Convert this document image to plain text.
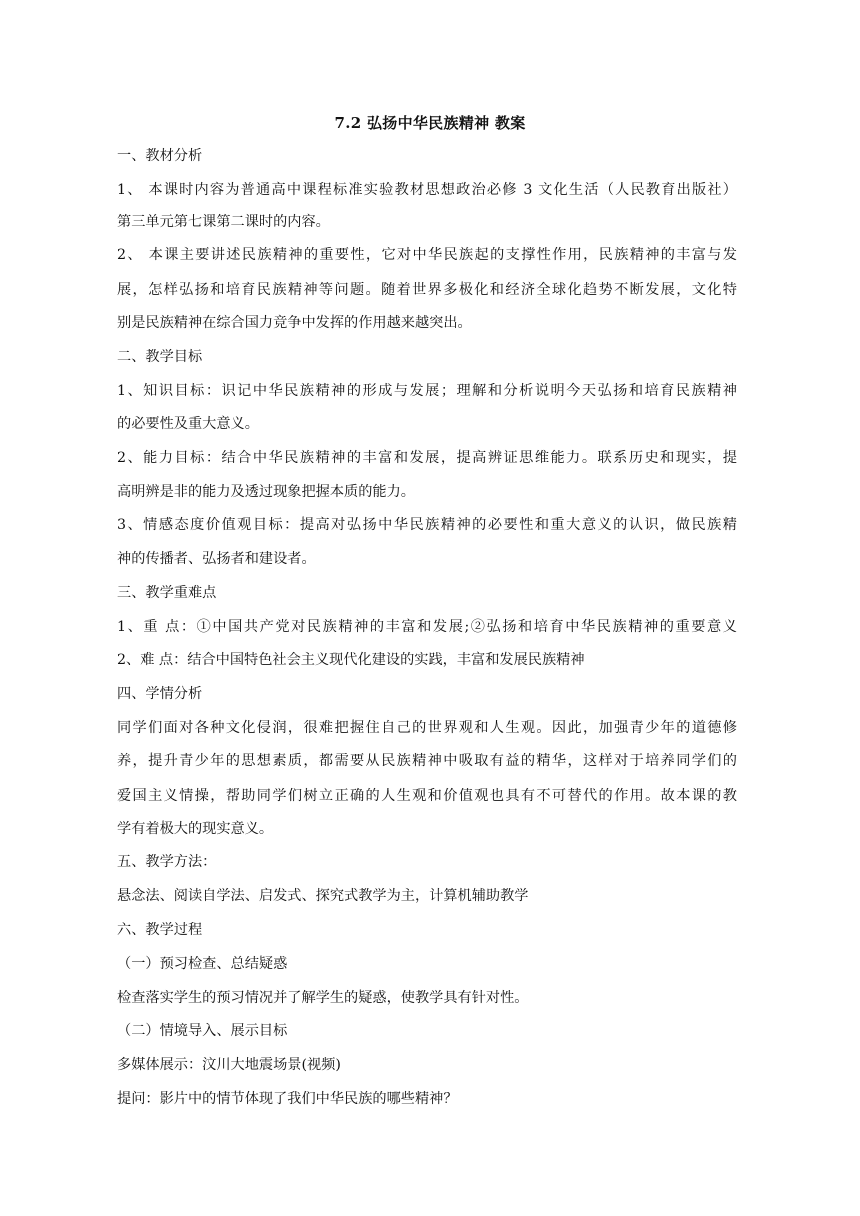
7.2 弘扬中华民族精神 教案
一、教材分析
1、 本课时内容为普通高中课程标准实验教材思想政治必修 3 文化生活（人民教育出版社）
第三单元第七课第二课时的内容。
2、 本课主要讲述民族精神的重要性，它对中华民族起的支撑性作用，民族精神的丰富与发
展，怎样弘扬和培育民族精神等问题。随着世界多极化和经济全球化趋势不断发展，文化特
别是民族精神在综合国力竞争中发挥的作用越来越突出。
二、教学目标
1、知识目标：识记中华民族精神的形成与发展；理解和分析说明今天弘扬和培育民族精神
的必要性及重大意义。
2、能力目标：结合中华民族精神的丰富和发展，提高辨证思维能力。联系历史和现实，提
高明辨是非的能力及透过现象把握本质的能力。
3、情感态度价值观目标：提高对弘扬中华民族精神的必要性和重大意义的认识，做民族精
神的传播者、弘扬者和建设者。
三、教学重难点
1、重 点：①中国共产党对民族精神的丰富和发展;②弘扬和培育中华民族精神的重要意义
2、难 点：结合中国特色社会主义现代化建设的实践，丰富和发展民族精神
四、学情分析
同学们面对各种文化侵润，很难把握住自己的世界观和人生观。因此，加强青少年的道德修
养，提升青少年的思想素质，都需要从民族精神中吸取有益的精华，这样对于培养同学们的
爱国主义情操，帮助同学们树立正确的人生观和价值观也具有不可替代的作用。故本课的教
学有着极大的现实意义。
五、教学方法：
悬念法、阅读自学法、启发式、探究式教学为主，计算机辅助教学
六、教学过程
（一）预习检查、总结疑惑
检查落实学生的预习情况并了解学生的疑惑，使教学具有针对性。
（二）情境导入、展示目标
多媒体展示：汶川大地震场景(视频)
提问：影片中的情节体现了我们中华民族的哪些精神？
